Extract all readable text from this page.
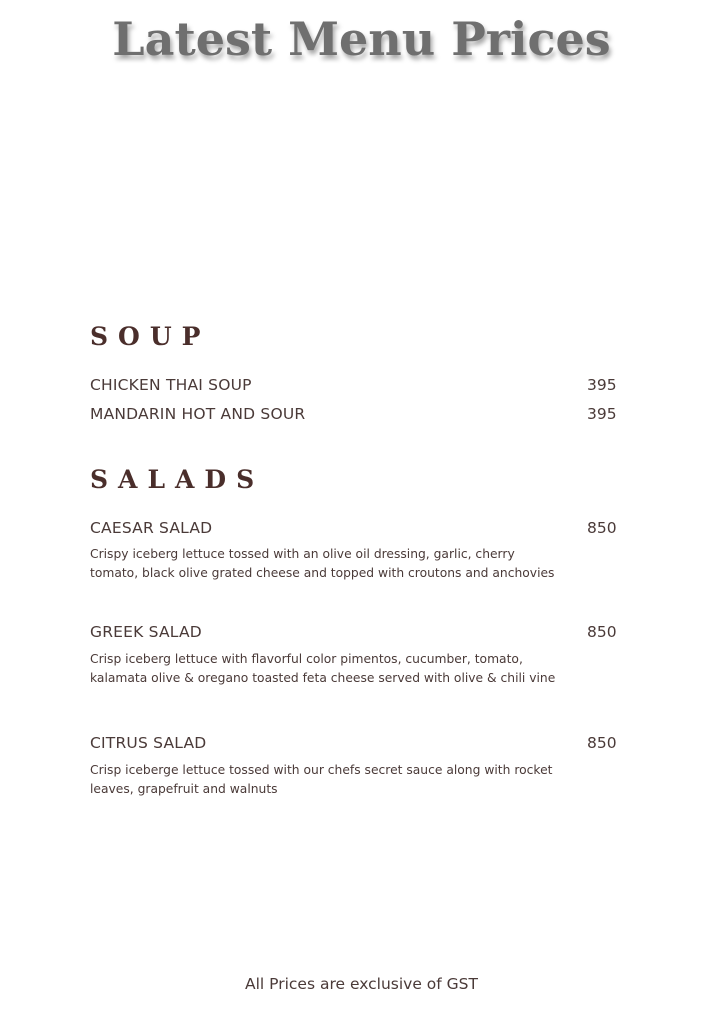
Latest Menu Prices
SOUP
CHICKEN THAI SOUP	395
MANDARIN HOT AND SOUR	395
SALADS
CAESAR SALAD	850
Crispy iceberg lettuce tossed with an olive oil dressing, garlic, cherry tomato, black olive grated cheese and topped with croutons and anchovies
GREEK SALAD	850
Crisp iceberg lettuce with flavorful color pimentos, cucumber, tomato, kalamata olive & oregano toasted feta cheese served with olive & chili vine
CITRUS SALAD	850
Crisp icebergе lettuce tossed with our chefs secret sauce along with rocket leaves, grapefruit and walnuts
All Prices are exclusive of GST
